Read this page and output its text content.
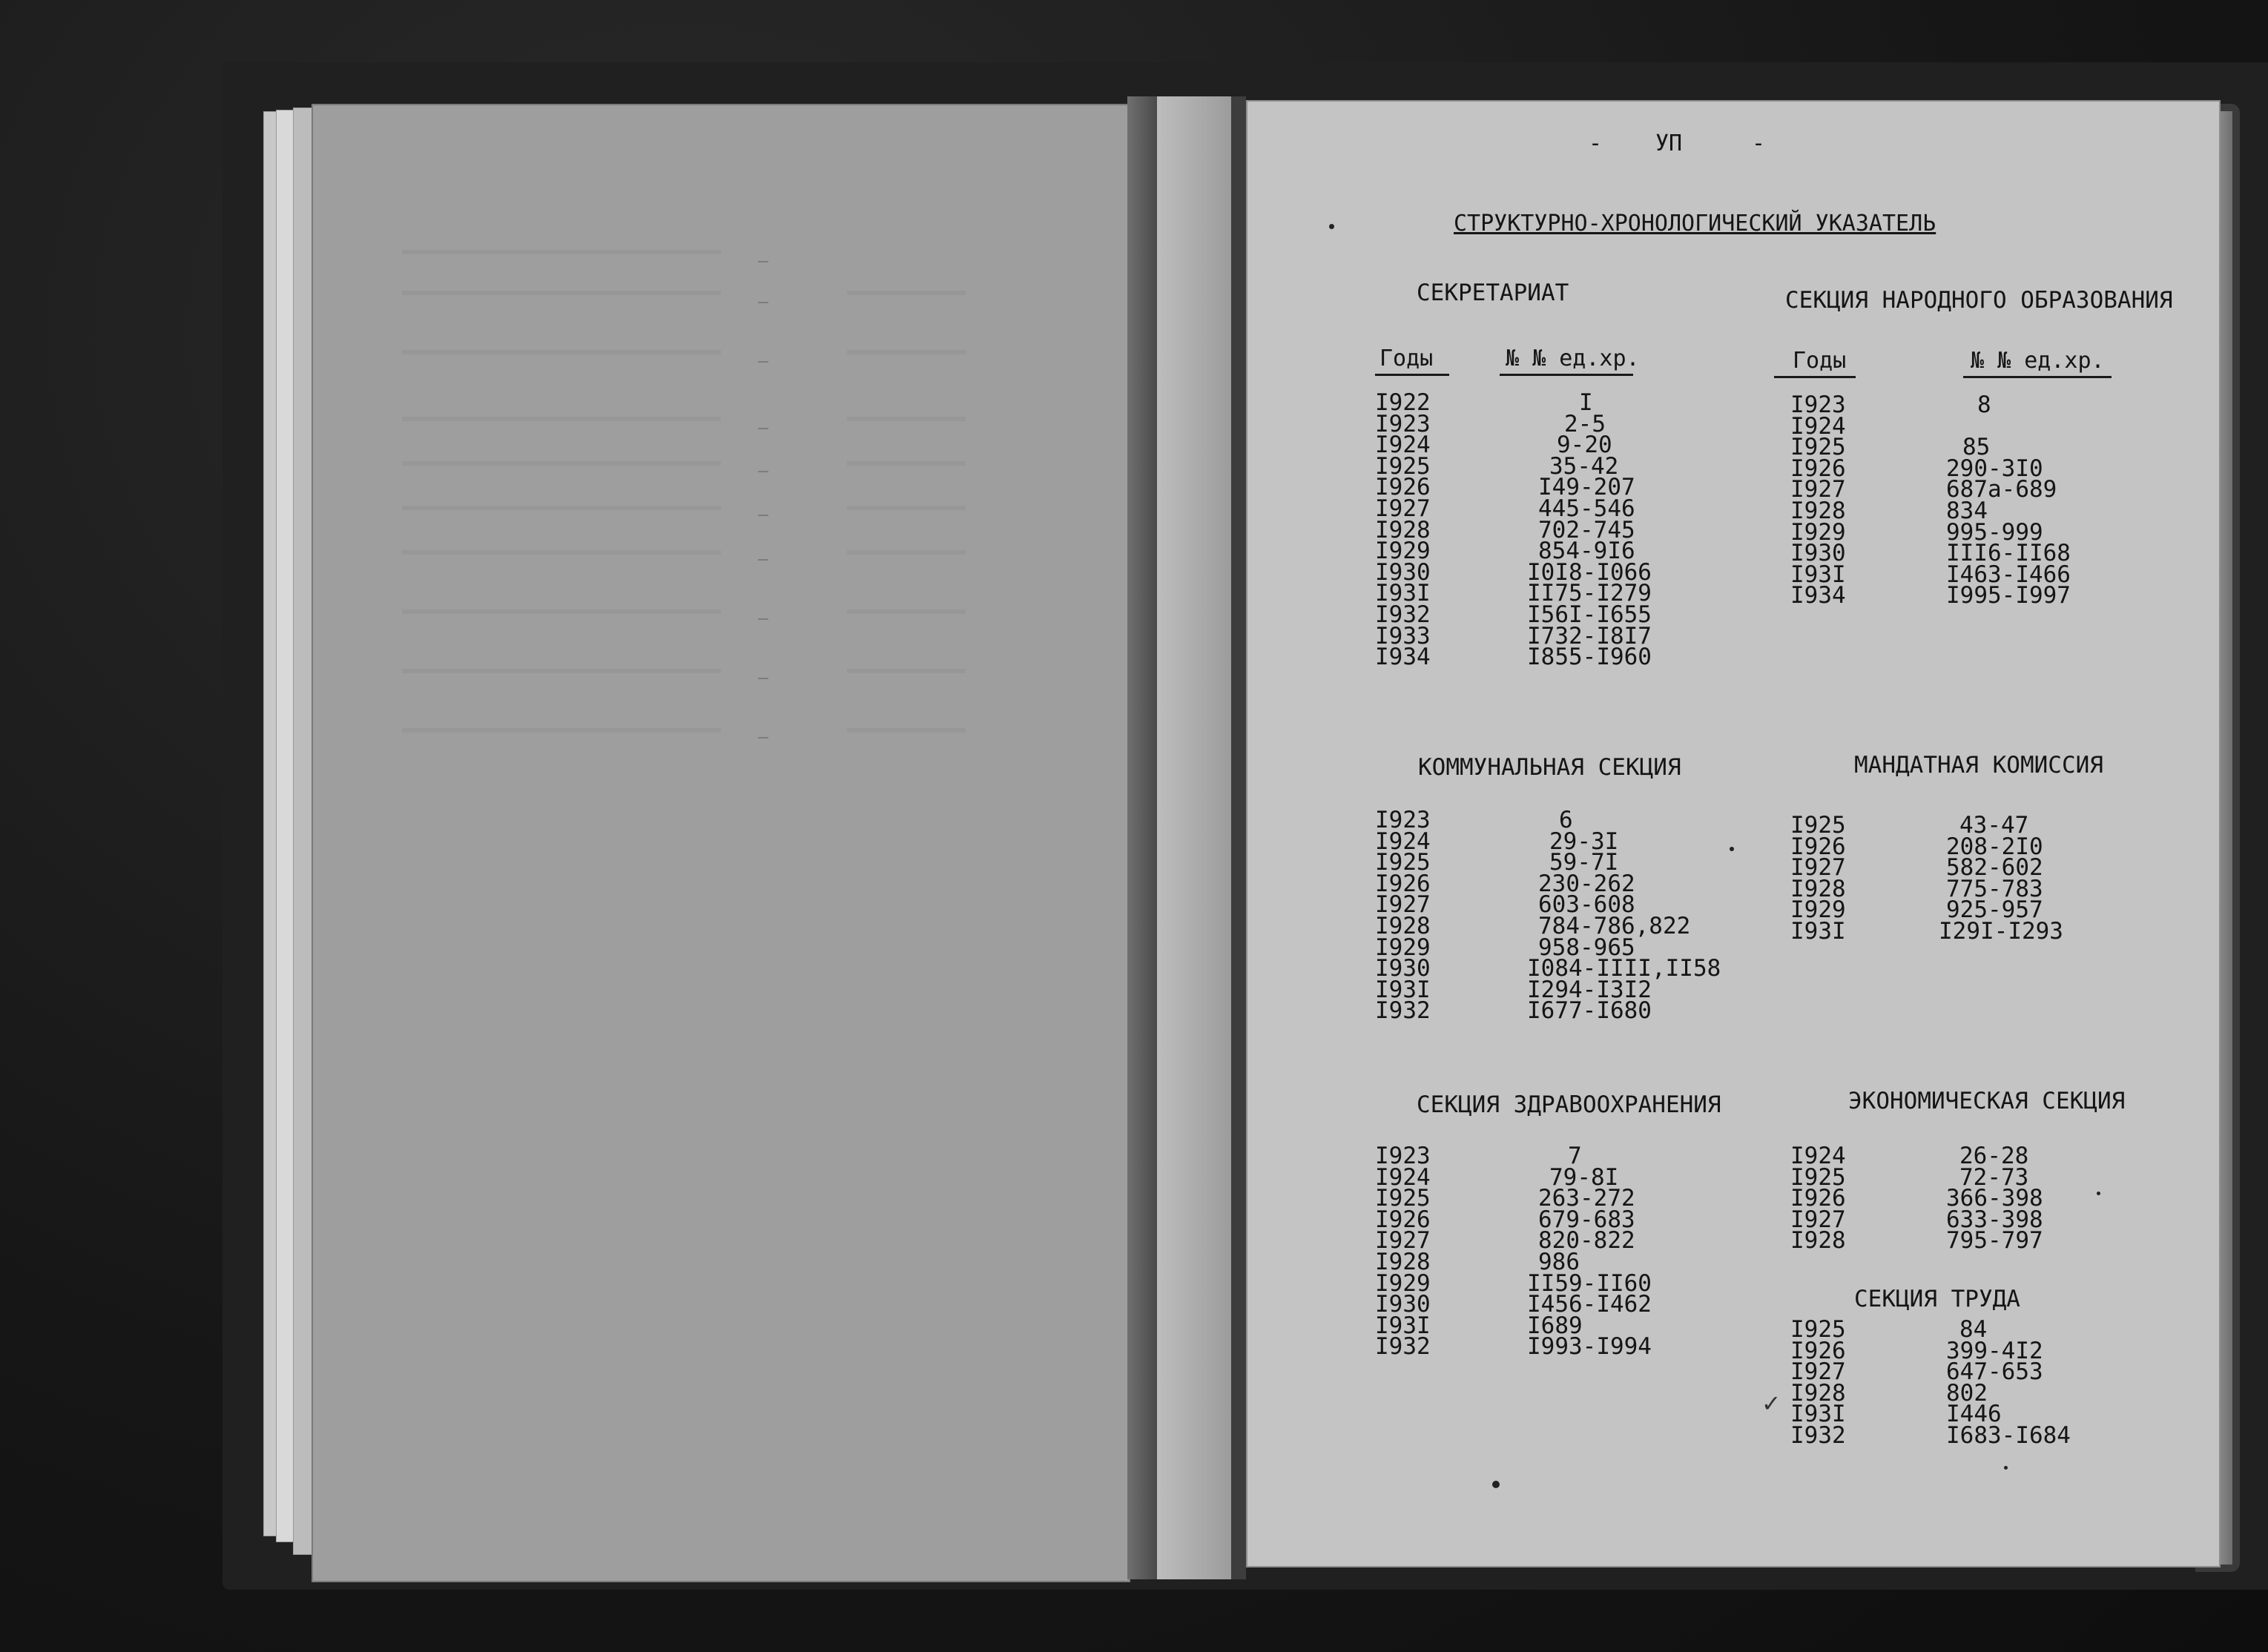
- УП	-
СТРУКТУРНО-ХРОНОЛОГИЧЕСКИЙ УКАЗАТЕЛЬ
СЕКРЕТАРИАТ
Годы	№ № ед.хр.
I922	I
I923	2-5
I924	9-20
I925	35-42
I926	I49-207
I927	445-546
I928	702-745
I929	854-9I6
I930	I0I8-I066
I93I	II75-I279
I932	I56I-I655
I933	I732-I8I7
I934	I855-I960
СЕКЦИЯ НАРОДНОГО ОБРАЗОВАНИЯ
Годы	№ № ед.хр.
I923	8
I924
I925	85
I926	290-3I0
I927	687а-689
I928	834
I929	995-999
I930	III6-II68
I93I	I463-I466
I934	I995-I997
КОММУНАЛЬНАЯ СЕКЦИЯ
I923	6
I924	29-3I
I925	59-7I
I926	230-262
I927	603-608
I928	784-786,822
I929	958-965
I930	I084-IIII,II58
I93I	I294-I3I2
I932	I677-I680
МАНДАТНАЯ КОМИССИЯ
I925	43-47
I926	208-2I0
I927	582-602
I928	775-783
I929	925-957
I93I	I29I-I293
СЕКЦИЯ ЗДРАВООХРАНЕНИЯ
I923	7
I924	79-8I
I925	263-272
I926	679-683
I927	820-822
I928	986
I929	II59-II60
I930	I456-I462
I93I	I689
I932	I993-I994
ЭКОНОМИЧЕСКАЯ СЕКЦИЯ
I924	26-28
I925	72-73
I926	366-398
I927	633-398
I928	795-797
СЕКЦИЯ ТРУДА
I925	84
I926	399-4I2
I927	647-653
I928	802
I93I	I446
I932	I683-I684
✓
